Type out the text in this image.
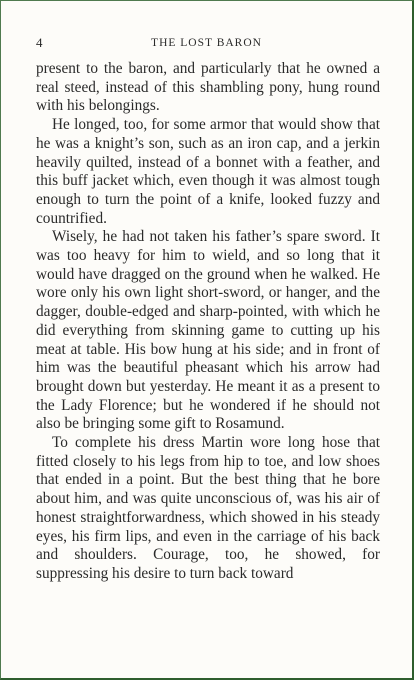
4	THE LOST BARON

present to the baron, and particularly that he owned a real steed, instead of this shambling pony, hung round with his belongings.

He longed, too, for some armor that would show that he was a knight’s son, such as an iron cap, and a jerkin heavily quilted, instead of a bonnet with a feather, and this buff jacket which, even though it was almost tough enough to turn the point of a knife, looked fuzzy and countrified.

Wisely, he had not taken his father’s spare sword. It was too heavy for him to wield, and so long that it would have dragged on the ground when he walked. He wore only his own light short-sword, or hanger, and the dagger, double-edged and sharp-pointed, with which he did everything from skinning game to cutting up his meat at table. His bow hung at his side; and in front of him was the beautiful pheasant which his arrow had brought down but yesterday. He meant it as a present to the Lady Florence; but he wondered if he should not also be bringing some gift to Rosamund.

To complete his dress Martin wore long hose that fitted closely to his legs from hip to toe, and low shoes that ended in a point. But the best thing that he bore about him, and was quite unconscious of, was his air of honest straightforwardness, which showed in his steady eyes, his firm lips, and even in the carriage of his back and shoulders. Courage, too, he showed, for suppressing his desire to turn back toward
